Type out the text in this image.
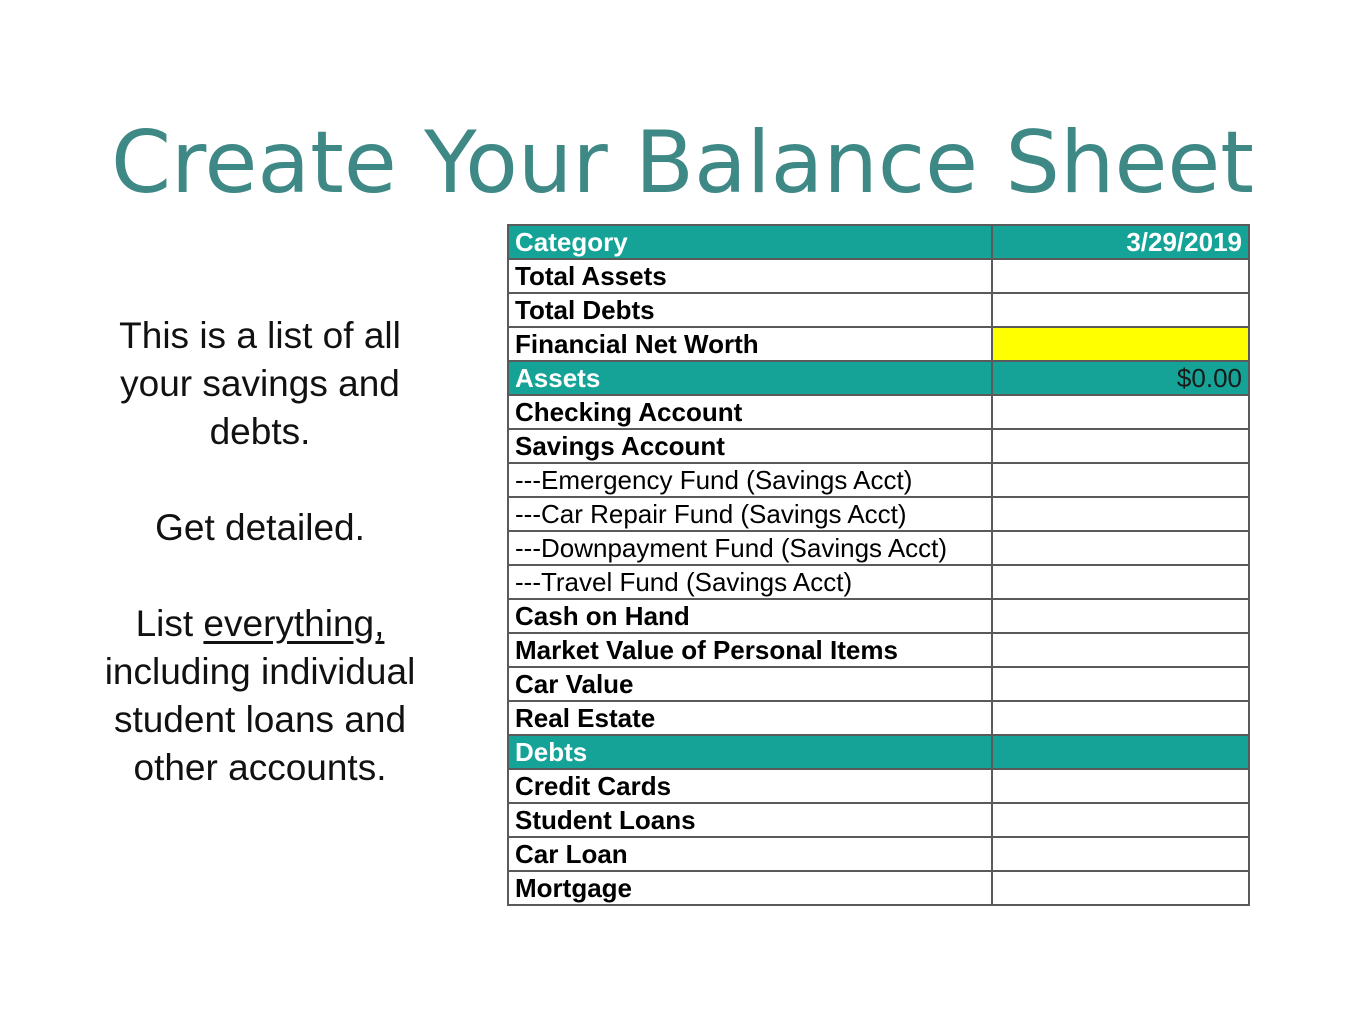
Create Your Balance Sheet

This is a list of all

your savings and

debts.

Get detailed.

List everything,

including individual

student loans and

other accounts.

Category	3/29/2019
Total Assets	
Total Debts	
Financial Net Worth	
Assets	$0.00
Checking Account	
Savings Account	
---Emergency Fund (Savings Acct)	
---Car Repair Fund (Savings Acct)	
---Downpayment Fund (Savings Acct)	
---Travel Fund (Savings Acct)	
Cash on Hand	
Market Value of Personal Items	
Car Value	
Real Estate	
Debts	
Credit Cards	
Student Loans	
Car Loan	
Mortgage	
